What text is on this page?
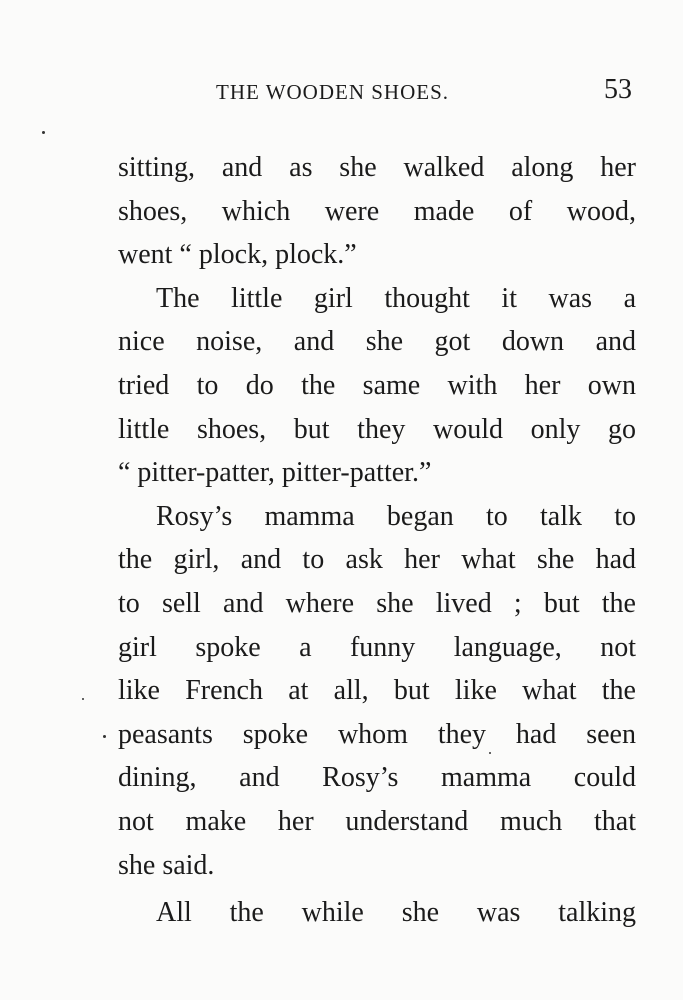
THE WOODEN SHOES.	53
sitting, and as she walked along her
shoes, which were made of wood,
went “ plock, plock.”
The little girl thought it was a
nice noise, and she got down and
tried to do the same with her own
little shoes, but they would only go
“ pitter-patter, pitter-patter.”
Rosy’s mamma began to talk to
the girl, and to ask her what she had
to sell and where she lived ; but the
girl spoke a funny language, not
like French at all, but like what the
peasants spoke whom they had seen
dining, and Rosy’s mamma could
not make her understand much that
she said.
All the while she was talking
